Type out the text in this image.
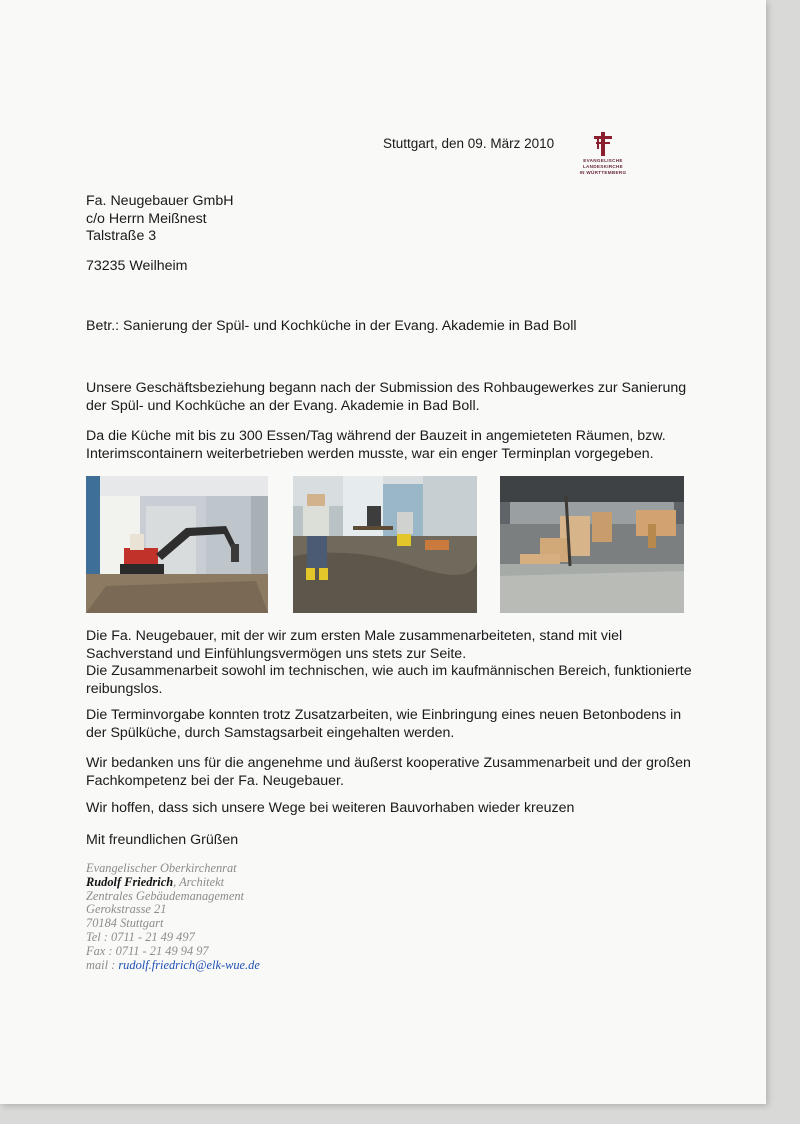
Stuttgart, den 09. März 2010
EVANGELISCHE LANDESKIRCHE
IN WÜRTTEMBERG
Fa. Neugebauer GmbH
c/o Herrn Meißnest
Talstraße 3
73235 Weilheim
Betr.: Sanierung der Spül- und Kochküche in der Evang. Akademie in Bad Boll
Unsere Geschäftsbeziehung begann nach der Submission des Rohbaugewerkes zur Sanierung
der Spül- und Kochküche an der Evang. Akademie in Bad Boll.
Da die Küche mit bis zu 300 Essen/Tag während der Bauzeit in angemieteten Räumen, bzw.
Interimscontainern weiterbetrieben werden musste, war ein enger Terminplan vorgegeben.
Die Fa. Neugebauer, mit der wir zum ersten Male zusammenarbeiteten, stand mit viel
Sachverstand und Einfühlungsvermögen uns stets zur Seite.
Die Zusammenarbeit sowohl im technischen, wie auch im kaufmännischen Bereich, funktionierte
reibungslos.
Die Terminvorgabe konnten trotz Zusatzarbeiten, wie Einbringung eines neuen Betonbodens in
der Spülküche, durch Samstagsarbeit eingehalten werden.
Wir bedanken uns für die angenehme und äußerst kooperative Zusammenarbeit und der großen
Fachkompetenz bei der Fa. Neugebauer.
Wir hoffen, dass sich unsere Wege bei weiteren Bauvorhaben wieder kreuzen
Mit freundlichen Grüßen
Evangelischer Oberkirchenrat
Rudolf Friedrich, Architekt
Zentrales Gebäudemanagement
Gerokstrasse 21
70184 Stuttgart
Tel : 0711 - 21 49 497
Fax : 0711 - 21 49 94 97
mail : rudolf.friedrich@elk-wue.de
